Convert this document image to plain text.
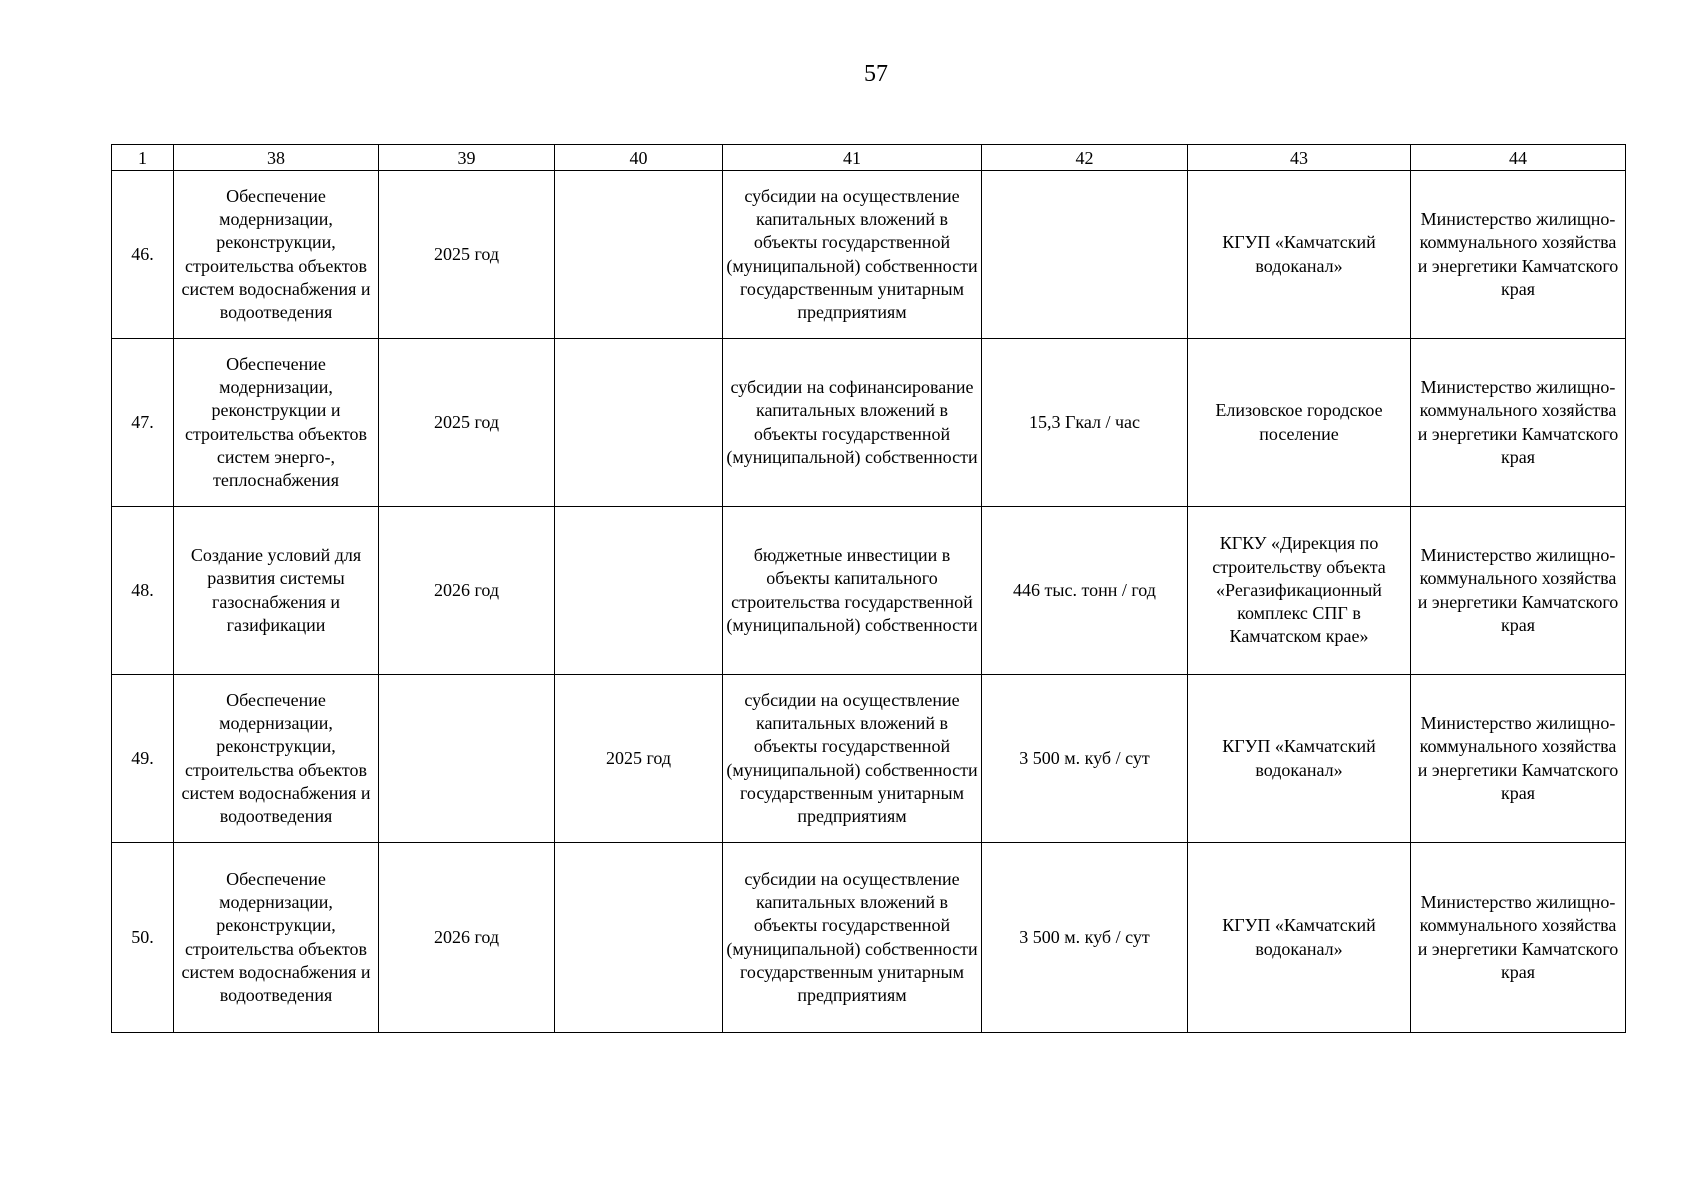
57
1	38	39	40	41	42	43	44
46.	Обеспечение модернизации, реконструкции, строительства объектов систем водоснабжения и водоотведения	2025 год		субсидии на осуществление капитальных вложений в объекты государственной (муниципальной) собственности государственным унитарным предприятиям		КГУП «Камчатский водоканал»	Министерство жилищно-коммунального хозяйства и энергетики Камчатского края
47.	Обеспечение модернизации, реконструкции и строительства объектов систем энерго-, теплоснабжения	2025 год		субсидии на софинансирование капитальных вложений в объекты государственной (муниципальной) собственности	15,3 Гкал / час	Елизовское городское поселение	Министерство жилищно-коммунального хозяйства и энергетики Камчатского края
48.	Создание условий для развития системы газоснабжения и газификации	2026 год		бюджетные инвестиции в объекты капитального строительства государственной (муниципальной) собственности	446 тыс. тонн / год	КГКУ «Дирекция по строительству объекта «Регазификационный комплекс СПГ в Камчатском крае»	Министерство жилищно-коммунального хозяйства и энергетики Камчатского края
49.	Обеспечение модернизации, реконструкции, строительства объектов систем водоснабжения и водоотведения		2025 год	субсидии на осуществление капитальных вложений в объекты государственной (муниципальной) собственности государственным унитарным предприятиям	3 500 м. куб / сут	КГУП «Камчатский водоканал»	Министерство жилищно-коммунального хозяйства и энергетики Камчатского края
50.	Обеспечение модернизации, реконструкции, строительства объектов систем водоснабжения и водоотведения	2026 год		субсидии на осуществление капитальных вложений в объекты государственной (муниципальной) собственности государственным унитарным предприятиям	3 500 м. куб / сут	КГУП «Камчатский водоканал»	Министерство жилищно-коммунального хозяйства и энергетики Камчатского края
